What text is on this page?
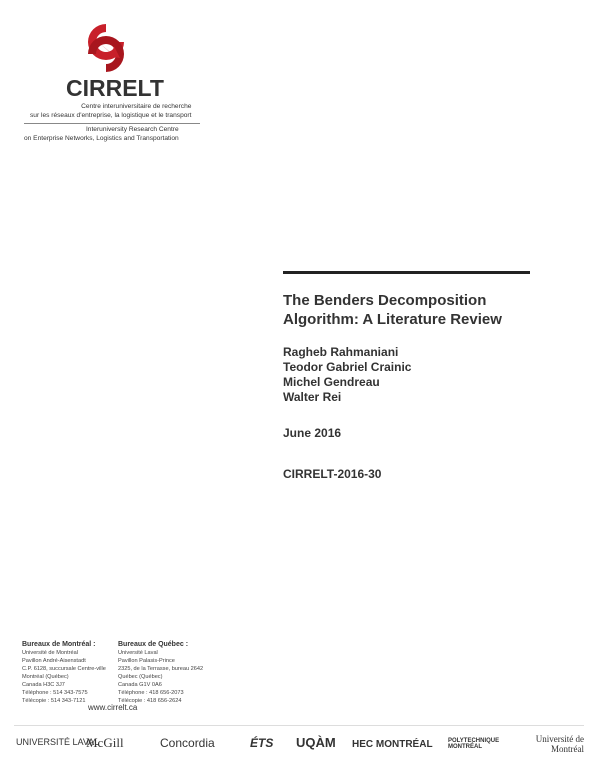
CIRRELT
Centre interuniversitaire de recherche
sur les réseaux d'entreprise, la logistique et le transport
Interuniversity Research Centre
on Enterprise Networks, Logistics and Transportation
The Benders Decomposition
Algorithm: A Literature Review
Ragheb Rahmaniani
Teodor Gabriel Crainic
Michel Gendreau
Walter Rei
June 2016
CIRRELT-2016-30
Bureaux de Montréal :
Université de Montréal
Pavillon André-Aisenstadt
C.P. 6128, succursale Centre-ville
Montréal (Québec)
Canada H3C 3J7
Téléphone : 514 343-7575
Télécopie : 514 343-7121
Bureaux de Québec :
Université Laval
Pavillon Palasis-Prince
2325, de la Terrasse, bureau 2642
Québec (Québec)
Canada G1V 0A6
Téléphone : 418 656-2073
Télécopie : 418 656-2624
www.cirrelt.ca
UNIVERSITÉ LAVAL
McGill	Concordia	ÉTS UQÀM HEC MONTRÉAL	POLYTECHNIQUE MONTRÉAL
Université de Montréal
